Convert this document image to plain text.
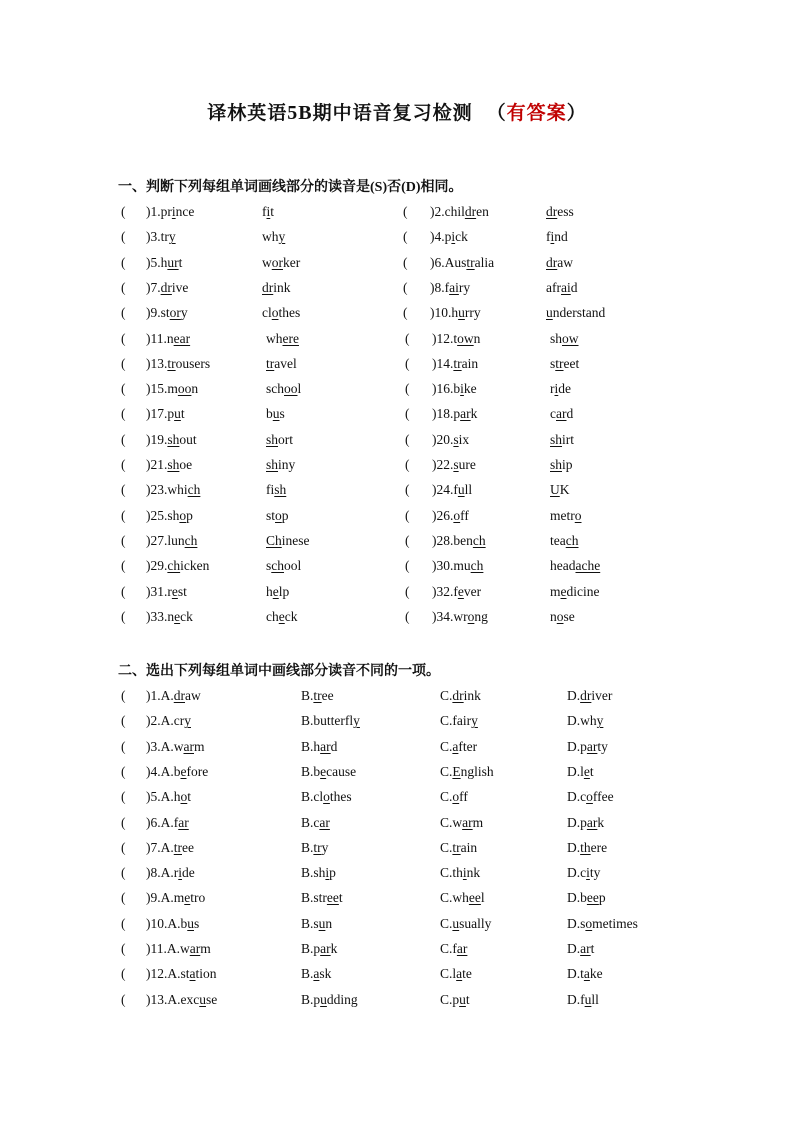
译林英语5B期中语音复习检测 （有答案）
一、判断下列每组单词画线部分的读音是(S)否(D)相同。
( )1. prince	fit	( )2. children	dress
( )3. try	why	( )4. pick	find
( )5. hurt	worker	( )6. Australia	draw
( )7. drive	drink	( )8. fairy	afraid
( )9. story	clothes	( )10. hurry	understand
( )11. near	where	( )12. town	show
( )13. trousers	travel	( )14. train	street
( )15. moon	school	( )16. bike	ride
( )17. put	bus	( )18. park	card
( )19. shout	short	( )20. six	shirt
( )21. shoe	shiny	( )22. sure	ship
( )23. which	fish	( )24. full	UK
( )25. shop	stop	( )26. off	metro
( )27. lunch	Chinese	( )28. bench	teach
( )29. chicken	school	( )30. much	headache
( )31. rest	help	( )32. fever	medicine
( )33. neck	check	( )34. wrong	nose
二、选出下列每组单词中画线部分读音不同的一项。
( )1.A. draw	B. tree	C. drink	D. driver
( )2.A. cry	B. butterfly	C. fairy	D. why
( )3.A. warm	B. hard	C. after	D. party
( )4.A. before	B. because	C. English	D. let
( )5.A. hot	B. clothes	C. off	D. coffee
( )6.A. far	B. car	C. warm	D. park
( )7.A. tree	B. try	C. train	D. there
( )8.A. ride	B. ship	C. think	D. city
( )9.A. metro	B. street	C. wheel	D. beep
( )10.A. bus	B. sun	C. usually	D. sometimes
( )11.A. warm	B. park	C. far	D. art
( )12.A. station	B. ask	C. late	D. take
( )13.A. excuse	B. pudding	C. put	D. full
